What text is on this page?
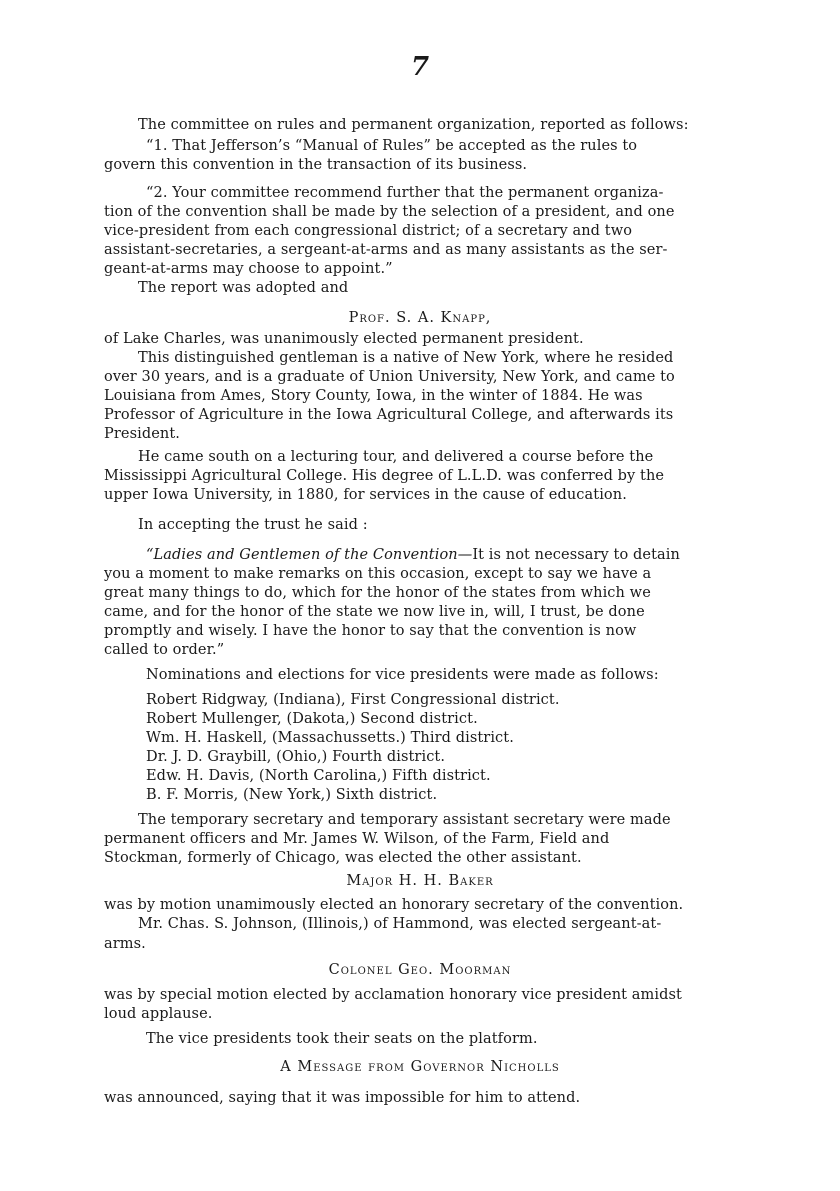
7
The committee on rules and permanent organization, reported as follows:
“1. That Jefferson’s “Manual of Rules” be accepted as the rules to
govern this convention in the transaction of its business.
“2. Your committee recommend further that the permanent organiza-
tion of the convention shall be made by the selection of a president, and one
vice-president from each congressional district; of a secretary and two
assistant-secretaries, a sergeant-at-arms and as many assistants as the ser-
geant-at-arms may choose to appoint.”
The report was adopted and
Prof. S. A. Knapp,
of Lake Charles, was unanimously elected permanent president.
This distinguished gentleman is a native of New York, where he resided
over 30 years, and is a graduate of Union University, New York, and came to
Louisiana from Ames, Story County, Iowa, in the winter of 1884. He was
Professor of Agriculture in the Iowa Agricultural College, and afterwards its
President.
He came south on a lecturing tour, and delivered a course before the
Mississippi Agricultural College. His degree of L.L.D. was conferred by the
upper Iowa University, in 1880, for services in the cause of education.
In accepting the trust he said :
“Ladies and Gentlemen of the Convention—It is not necessary to detain
you a moment to make remarks on this occasion, except to say we have a
great many things to do, which for the honor of the states from which we
came, and for the honor of the state we now live in, will, I trust, be done
promptly and wisely. I have the honor to say that the convention is now
called to order.”
Nominations and elections for vice presidents were made as follows:
Robert Ridgway, (Indiana), First Congressional district.
Robert Mullenger, (Dakota,) Second district.
Wm. H. Haskell, (Massachussetts.) Third district.
Dr. J. D. Graybill, (Ohio,) Fourth district.
Edw. H. Davis, (North Carolina,) Fifth district.
B. F. Morris, (New York,) Sixth district.
The temporary secretary and temporary assistant secretary were made
permanent officers and Mr. James W. Wilson, of the Farm, Field and
Stockman, formerly of Chicago, was elected the other assistant.
Major H. H. Baker
was by motion unamimously elected an honorary secretary of the convention.
Mr. Chas. S. Johnson, (Illinois,) of Hammond, was elected sergeant-at-
arms.
Colonel Geo. Moorman
was by special motion elected by acclamation honorary vice president amidst
loud applause.
The vice presidents took their seats on the platform.
A Message from Governor Nicholls
was announced, saying that it was impossible for him to attend.
